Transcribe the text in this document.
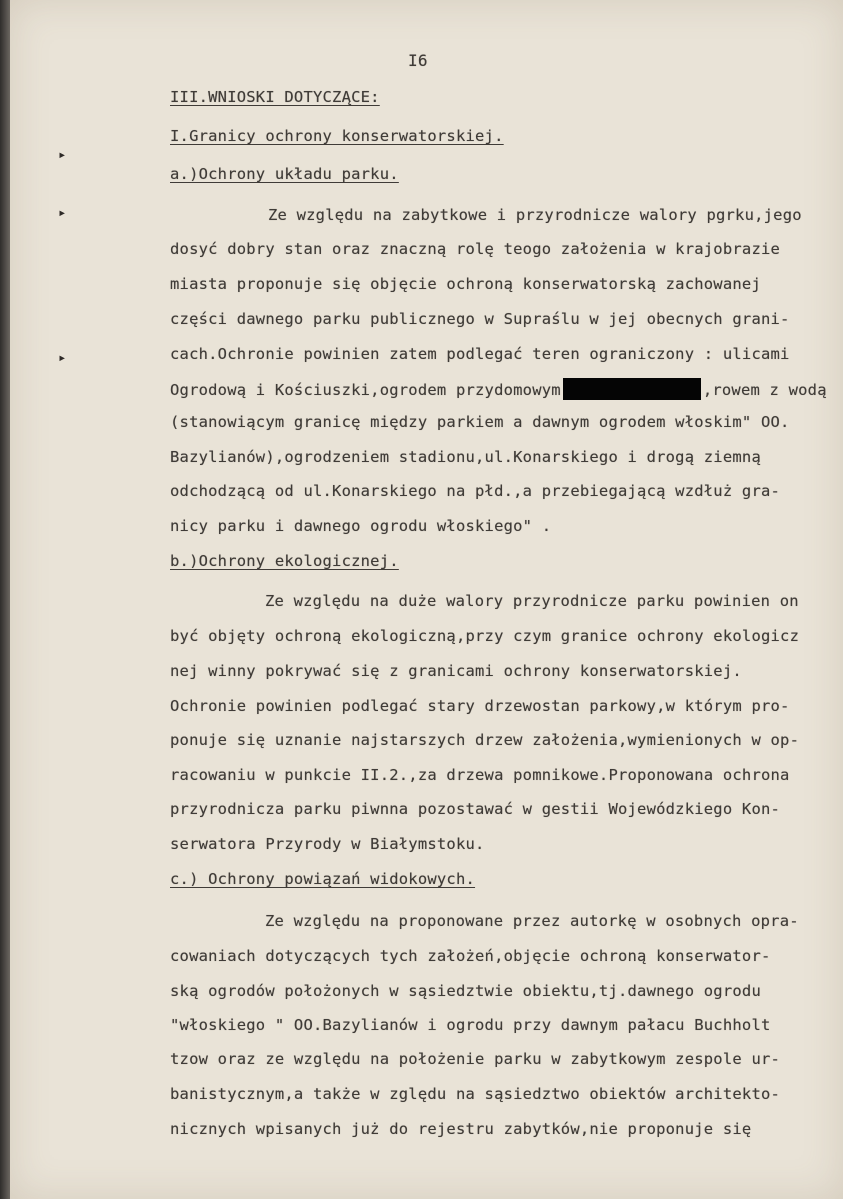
I6
III.WNIOSKI DOTYCZĄCE:
I.Granicy ochrony konserwatorskiej.
a.)Ochrony układu parku.
▸
▸
▸
Ze względu na zabytkowe i przyrodnicze walory pgrku,jego
dosyć dobry stan oraz znaczną rolę teogo założenia w krajobrazie
miasta proponuje się objęcie ochroną konserwatorską zachowanej
części dawnego parku publicznego w Supraślu w jej obecnych grani-
cach.Ochronie powinien zatem podlegać teren ograniczony : ulicami
Ogrodową i Kościuszki,ogrodem przydomowym	,rowem z wodą
(stanowiącym granicę między parkiem a dawnym ogrodem włoskim" OO.
Bazylianów),ogrodzeniem stadionu,ul.Konarskiego i drogą ziemną
odchodzącą od ul.Konarskiego na płd.,a przebiegającą wzdłuż gra-
nicy parku i dawnego ogrodu włoskiego" .
b.)Ochrony ekologicznej.
Ze względu na duże walory przyrodnicze parku powinien on
być objęty ochroną ekologiczną,przy czym granice ochrony ekologicz
nej winny pokrywać się z granicami ochrony konserwatorskiej.
Ochronie powinien podlegać stary drzewostan parkowy,w którym pro-
ponuje się uznanie najstarszych drzew założenia,wymienionych w op-
racowaniu w punkcie II.2.,za drzewa pomnikowe.Proponowana ochrona
przyrodnicza parku piwnna pozostawać w gestii Wojewódzkiego Kon-
serwatora Przyrody w Białymstoku.
c.) Ochrony powiązań widokowych.
Ze względu na proponowane przez autorkę w osobnych opra-
cowaniach dotyczących tych założeń,objęcie ochroną konserwator-
ską ogrodów położonych w sąsiedztwie obiektu,tj.dawnego ogrodu
"włoskiego " OO.Bazylianów i ogrodu przy dawnym pałacu Buchholt
tzow oraz ze względu na położenie parku w zabytkowym zespole ur-
banistycznym,a także w zględu na sąsiedztwo obiektów architekto-
nicznych wpisanych już do rejestru zabytków,nie proponuje się
